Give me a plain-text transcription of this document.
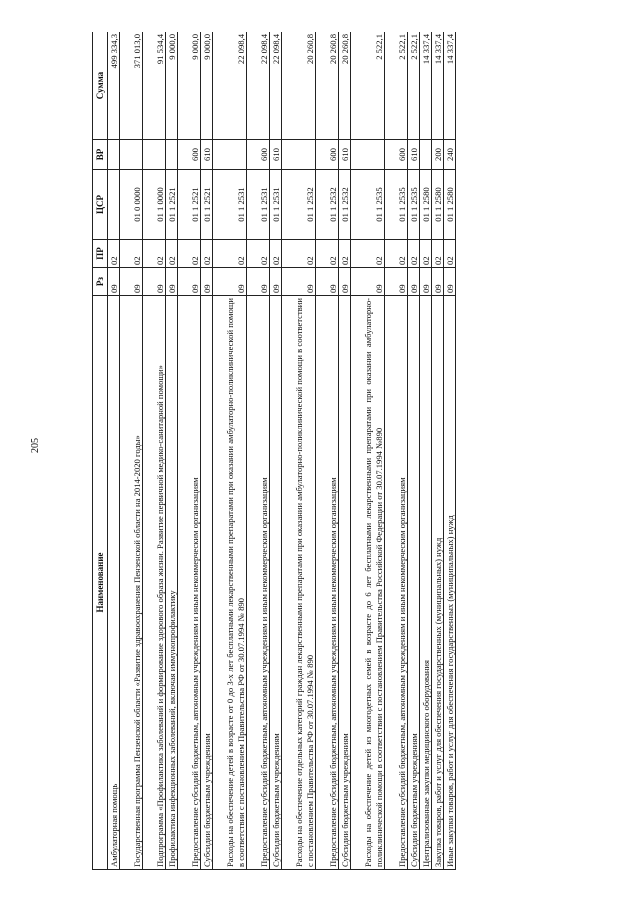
205
Наименование	Рз	ПР	ЦСР	ВР	Сумма
Амбулаторная помощь	09	02			499 334,3
Государственная программа Пензенской области «Развитие здравоохранения Пензенской области на 2014-2020 годы»	09	02	01 0 0000		371 013,0
Подпрограмма «Профилактика заболеваний и формирование здорового образа жизни. Развитие первичной медико-санитарной помощи»	09	02	01 1 0000		91 534,4
Профилактика инфекционных заболеваний, включая иммунопрофилактику	09	02	01 1 2521		9 000,0
Предоставление субсидий бюджетным, автономным учреждениям и иным некоммерческим организациям	09	02	01 1 2521	600	9 000,0
Субсидии бюджетным учреждениям	09	02	01 1 2521	610	9 000,0
Расходы на обеспечение детей в возрасте от 0 до 3-х лет бесплатными лекарственными препаратами при оказании амбулаторно-поликлинической помощи в соответствии с постановлением Правительства РФ от 30.07.1994 № 890	09	02	01 1 2531		22 098,4
Предоставление субсидий бюджетным, автономным учреждениям и иным некоммерческим организациям	09	02	01 1 2531	600	22 098,4
Субсидии бюджетным учреждениям	09	02	01 1 2531	610	22 098,4
Расходы на обеспечение отдельных категорий граждан лекарственными препаратами при оказании амбулаторно-поликлинической помощи в соответствии с постановлением Правительства РФ от 30.07.1994 № 890	09	02	01 1 2532		20 260,8
Предоставление субсидий бюджетным, автономным учреждениям и иным некоммерческим организациям	09	02	01 1 2532	600	20 260,8
Субсидии бюджетным учреждениям	09	02	01 1 2532	610	20 260,8
Расходы на обеспечение детей из многодетных семей в возрасте до 6 лет бесплатными лекарственными препаратами при оказании амбулаторно-поликлинической помощи в соответствии с постановлением Правительства Российской Федерации от 30.07.1994 №890	09	02	01 1 2535		2 522,1
Предоставление субсидий бюджетным, автономным учреждениям и иным некоммерческим организациям	09	02	01 1 2535	600	2 522,1
Субсидии бюджетным учреждениям	09	02	01 1 2535	610	2 522,1
Централизованные закупки медицинского оборудования	09	02	01 1 2580		14 337,4
Закупка товаров, работ и услуг для обеспечения государственных (муниципальных) нужд	09	02	01 1 2580	200	14 337,4
Иные закупки товаров, работ и услуг для обеспечения государственных (муниципальных) нужд	09	02	01 1 2580	240	14 337,4
